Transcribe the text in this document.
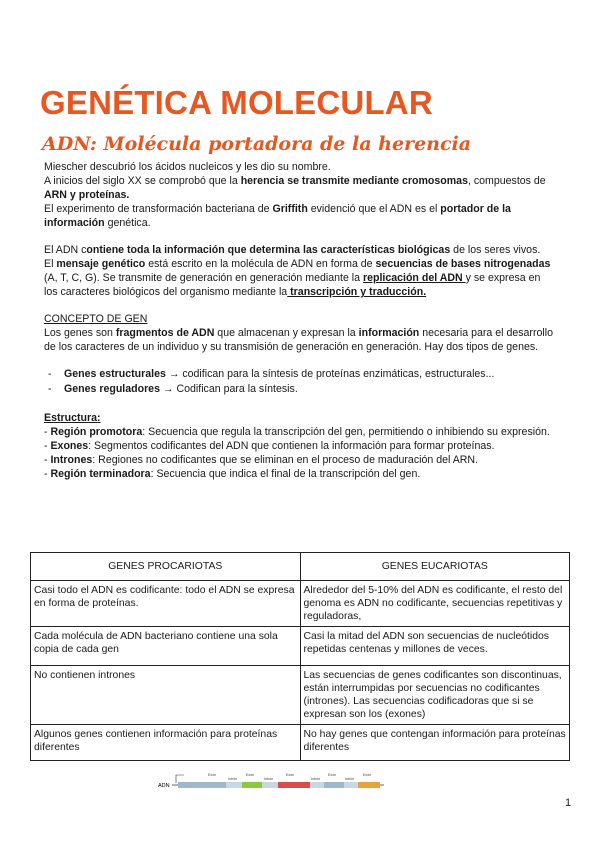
GENÉTICA MOLECULAR
ADN: Molécula portadora de la herencia

Miescher descubrió los ácidos nucleicos y les dio su nombre.

A inicios del siglo XX se comprobó que la herencia se transmite mediante cromosomas, compuestos de ARN y proteínas.

El experimento de transformación bacteriana de Griffith evidenció que el ADN es el portador de la información genética.

El ADN contiene toda la información que determina las características biológicas de los seres vivos.

El mensaje genético está escrito en la molécula de ADN en forma de secuencias de bases nitrogenadas (A, T, C, G). Se transmite de generación en generación mediante la replicación del ADN y se expresa en los caracteres biológicos del organismo mediante la transcripción y traducción.

CONCEPTO DE GEN

Los genes son fragmentos de ADN que almacenan y expresan la información necesaria para el desarrollo de los caracteres de un individuo y su transmisión de generación en generación. Hay dos tipos de genes.

- Genes estructurales → codifican para la síntesis de proteínas enzimáticas, estructurales...
- Genes reguladores → Codifican para la síntesis.

Estructura:

- Región promotora: Secuencia que regula la transcripción del gen, permitiendo o inhibiendo su expresión.

- Exones: Segmentos codificantes del ADN que contienen la información para formar proteínas.

- Intrones: Regiones no codificantes que se eliminan en el proceso de maduración del ARN.

- Región terminadora: Secuencia que indica el final de la transcripción del gen.

GENES PROCARIOTAS	GENES EUCARIOTAS
Casi todo el ADN es codificante: todo el ADN se expresa en forma de proteínas.	Alrededor del 5-10% del ADN es codificante, el resto del genoma es ADN no codificante, secuencias repetitivas y reguladoras,
Cada molécula de ADN bacteriano contiene una sola copia de cada gen	Casi la mitad del ADN son secuencias de nucleótidos repetidas centenas y millones de veces.
No contienen intrones	Las secuencias de genes codificantes son discontinuas, están interrumpidas por secuencias no codificantes (intrones). Las secuencias codificadoras que si se expresan son los (exones)
Algunos genes contienen información para proteínas diferentes	No hay genes que contengan información para proteínas diferentes
ADN
Exón
Intrón
Exón
Intrón
Exón
Intrón
Exón
Intrón
Exón
1
